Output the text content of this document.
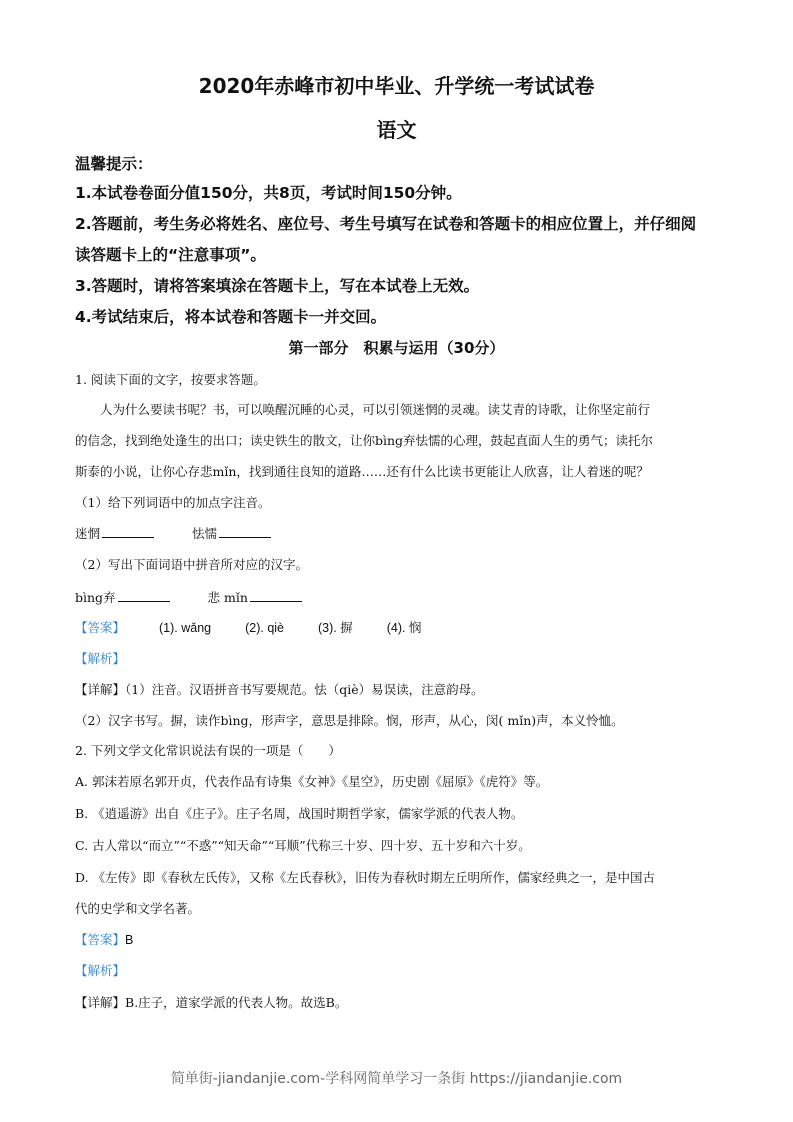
2020年赤峰市初中毕业、升学统一考试试卷
语文
温馨提示：
1.本试卷卷面分值150分，共8页，考试时间150分钟。
2.答题前，考生务必将姓名、座位号、考生号填写在试卷和答题卡的相应位置上，并仔细阅
读答题卡上的“注意事项”。
3.答题时，请将答案填涂在答题卡上，写在本试卷上无效。
4.考试结束后，将本试卷和答题卡一并交回。
第一部分　积累与运用（30分）
1. 阅读下面的文字，按要求答题。
人为什么要读书呢？书，可以唤醒沉睡的心灵，可以引领迷惘的灵魂。读艾青的诗歌，让你坚定前行
的信念，找到绝处逢生的出口；读史铁生的散文，让你bìng弃怯懦的心理，鼓起直面人生的勇气；读托尔
斯泰的小说，让你心存悲mǐn，找到通往良知的道路……还有什么比读书更能让人欣喜，让人着迷的呢？
（1）给下列词语中的加点字注音。
迷惘	怯懦
（2）写出下面词语中拼音所对应的汉字。
bìng弃	悲 mǐn
【答案】	(1). wǎng	(2). qiè	(3). 摒	(4). 悯
【解析】
【详解】（1）注音。汉语拼音书写要规范。怯（qiè）易误读，注意韵母。
（2）汉字书写。摒，读作bìng，形声字，意思是排除。悯，形声，从心，闵( mǐn)声，本义怜恤。
2. 下列文学文化常识说法有误的一项是（　　）
A. 郭沫若原名郭开贞，代表作品有诗集《女神》《星空》，历史剧《屈原》《虎符》等。
B. 《逍遥游》出自《庄子》。庄子名周，战国时期哲学家，儒家学派的代表人物。
C. 古人常以“而立”“不惑”“知天命”“耳顺”代称三十岁、四十岁、五十岁和六十岁。
D. 《左传》即《春秋左氏传》，又称《左氏春秋》，旧传为春秋时期左丘明所作，儒家经典之一，是中国古
代的史学和文学名著。
【答案】B
【解析】
【详解】B.庄子，道家学派的代表人物。故选B。
简单街-jiandanjie.com-学科网简单学习一条街 https://jiandanjie.com
